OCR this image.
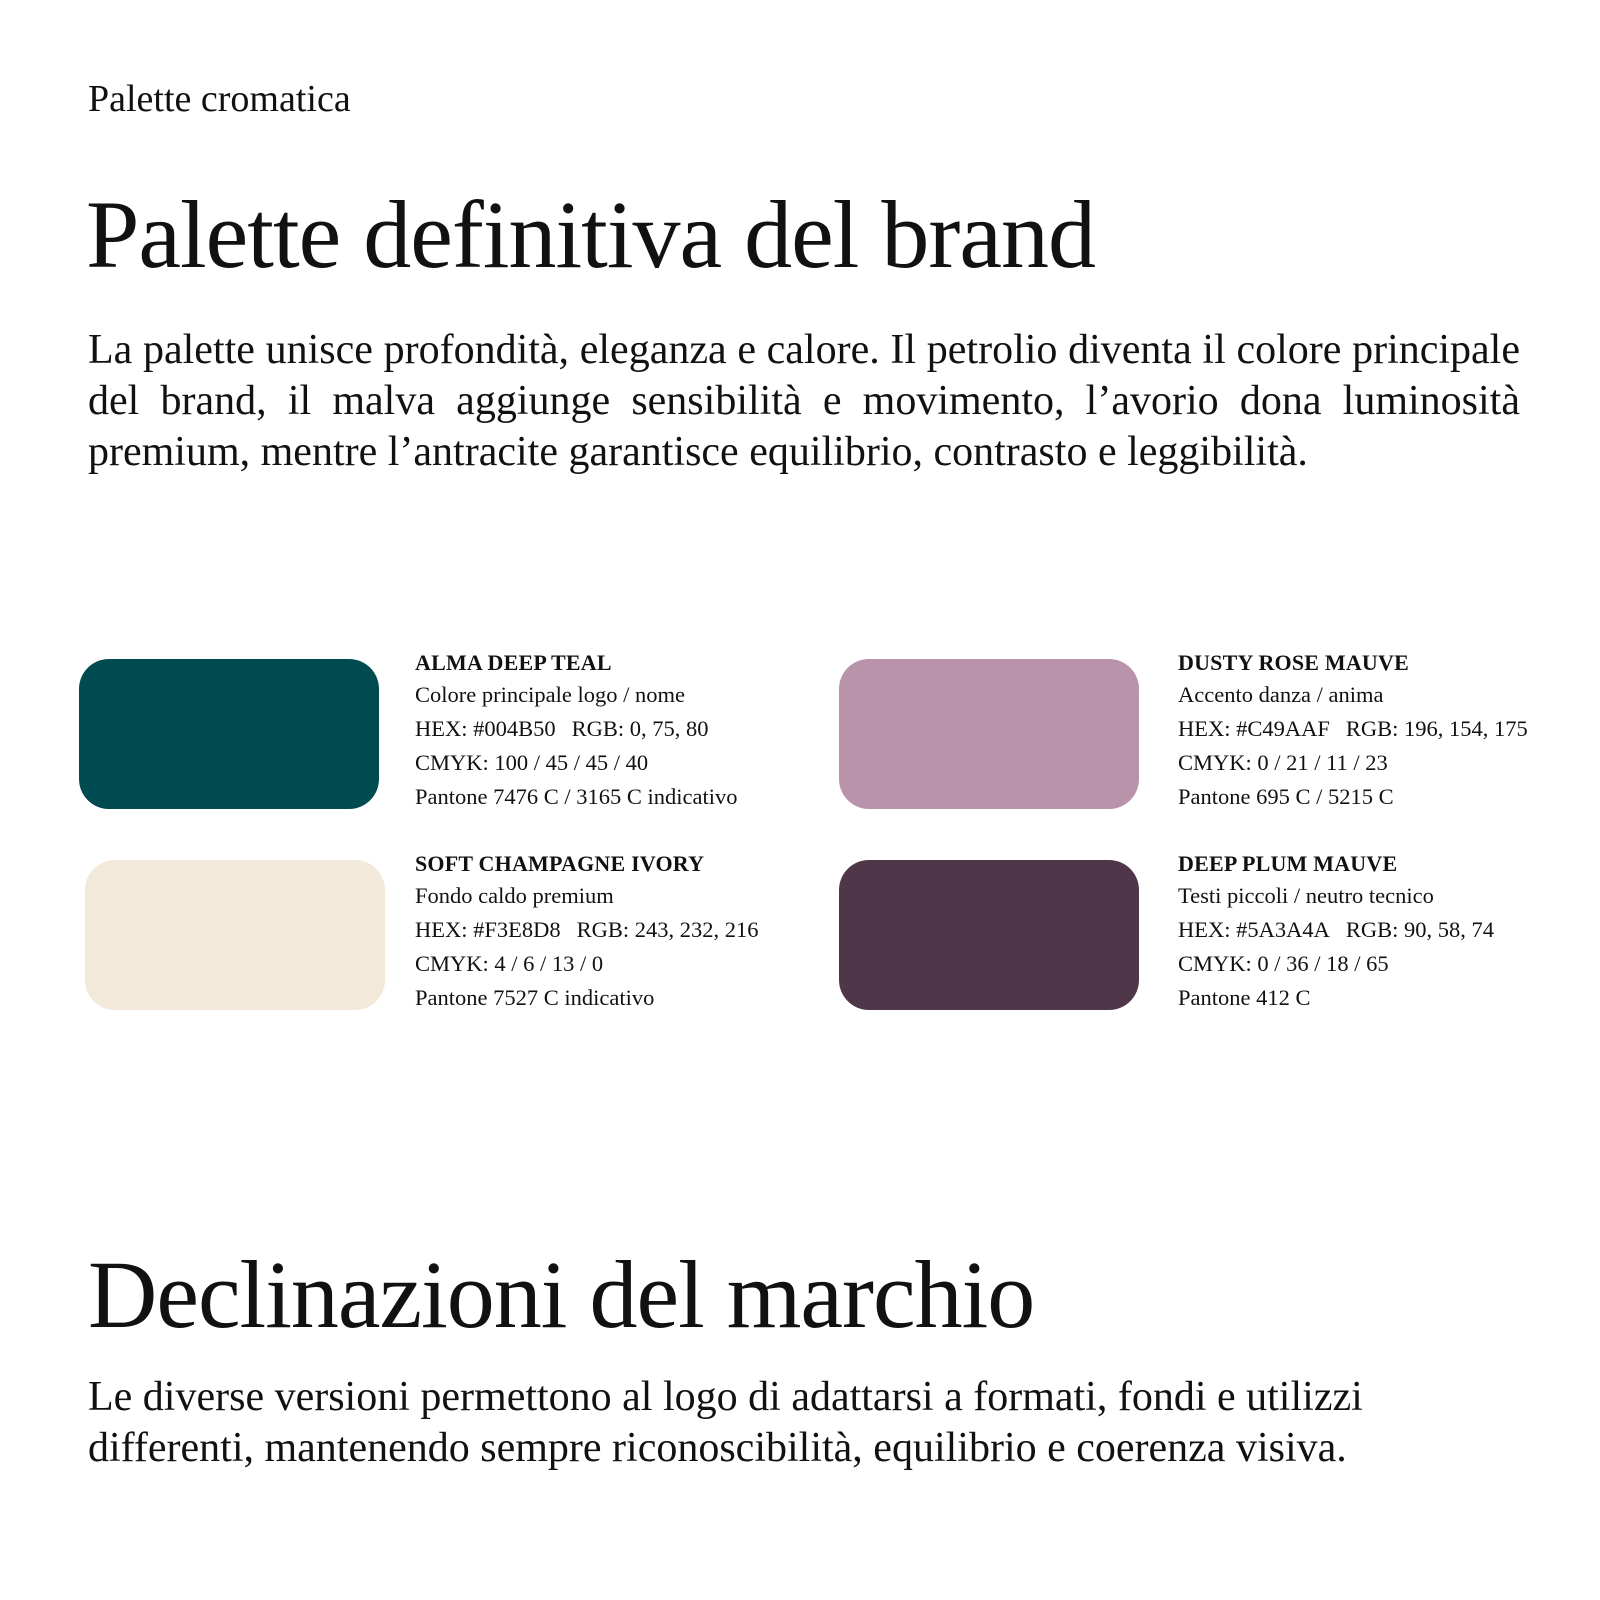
Palette cromatica
Palette definitiva del brand

La palette unisce profondità, eleganza e calore. Il petrolio diventa il colore principale del brand, il malva aggiunge sensibilità e movimento, l’avorio dona luminosità premium, mentre l’antracite garantisce equilibrio, contrasto e leggibilità.

ALMA DEEP TEAL
Colore principale logo / nome
HEX: #004B50 RGB: 0, 75, 80
CMYK: 100 / 45 / 45 / 40
Pantone 7476 C / 3165 C indicativo
DUSTY ROSE MAUVE
Accento danza / anima
HEX: #C49AAF RGB: 196, 154, 175
CMYK: 0 / 21 / 11 / 23
Pantone 695 C / 5215 C
SOFT CHAMPAGNE IVORY
Fondo caldo premium
HEX: #F3E8D8 RGB: 243, 232, 216
CMYK: 4 / 6 / 13 / 0
Pantone 7527 C indicativo
DEEP PLUM MAUVE
Testi piccoli / neutro tecnico
HEX: #5A3A4A RGB: 90, 58, 74
CMYK: 0 / 36 / 18 / 65
Pantone 412 C
Declinazioni del marchio

Le diverse versioni permettono al logo di adattarsi a formati, fondi e utilizzi differenti, mantenendo sempre riconoscibilità, equilibrio e coerenza visiva.
